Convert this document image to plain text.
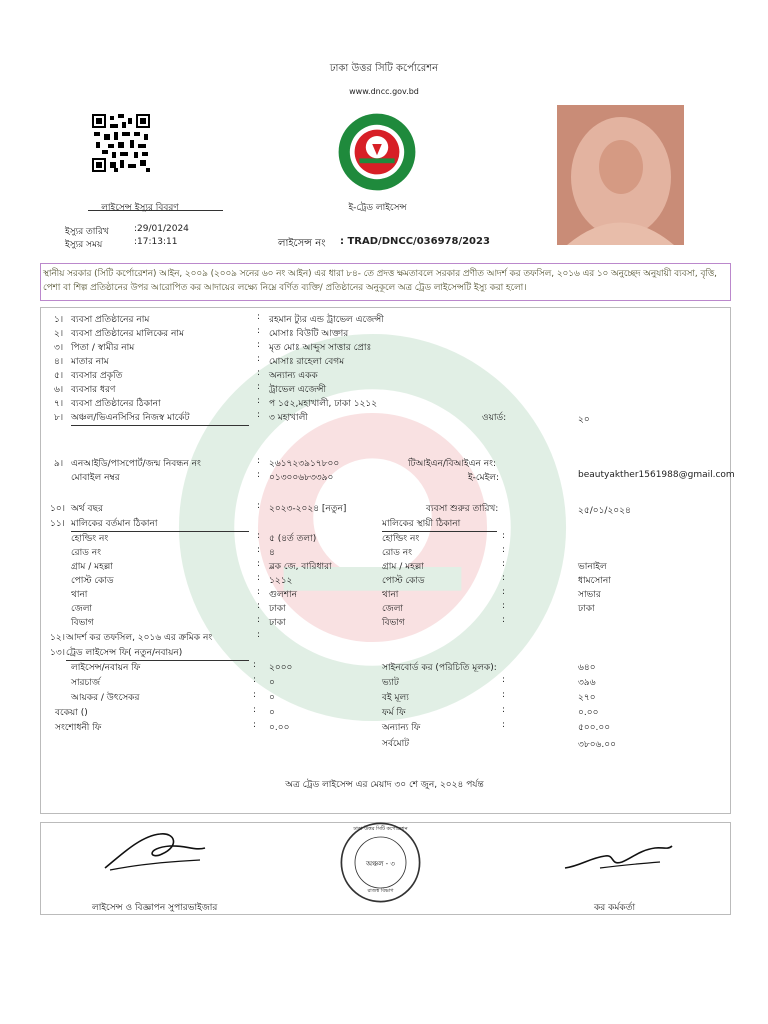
ঢাকা উত্তর সিটি কর্পোরেশন
www.dncc.gov.bd
লাইসেন্স ইস্যুর বিবরণ	ই-ট্রেড লাইসেন্স
ইস্যুর তারিখ	:29/01/2024
ইস্যুর সময়	:17:13:11	লাইসেন্স নং : TRAD/DNCC/036978/2023
স্থানীয় সরকার (সিটি কর্পোরেশন) আইন, ২০০৯ (২০০৯ সনের ৬০ নং আইন) এর ধারা ৮৪- তে প্রদত্ত ক্ষমতাবলে সরকার প্রণীত আদর্শ কর তফসিল, ২০১৬ এর ১০ অনুচ্ছেদ অনুযায়ী ব্যবসা, বৃত্তি, পেশা বা শিল্প প্রতিষ্ঠানের উপর আরোপিত কর আদায়ের লক্ষ্যে নিম্নে বর্ণিত ব্যক্তি/ প্রতিষ্ঠানের অনুকূলে অত্র ট্রেড লাইসেন্সটি ইস্যু করা হলো।
১। ব্যবসা প্রতিষ্ঠানের নাম	: রহমান ট্যুর এন্ড ট্রাভেল এজেন্সী
২। ব্যবসা প্রতিষ্ঠানের মালিকের নাম	: মোসাঃ বিউটি আক্তার
৩। পিতা / স্বামীর নাম	: মৃত মোঃ আব্দুস সাত্তার প্রোঃ
৪। মাতার নাম	: মোসাঃ রাহেলা বেগম
৫। ব্যবসার প্রকৃতি	: অন্যান্য একক
৬। ব্যবসার ধরণ	: ট্রাভেল এজেন্সী
৭। ব্যবসা প্রতিষ্ঠানের ঠিকানা	: প ১৫২,মহাখালী, ঢাকা ১২১২
৮। অঞ্চল/ভিএনসিসির নিজস্ব মার্কেট	: ৩ মহাখালী	ওয়ার্ড:	২০
৯। এনআইডি/পাসপোর্ট/জন্ম নিবন্ধন নং	: ২৬১৭২৩৯১৭৮০০	টিআইএন/বিআইএন নং:
মোবাইল নম্বর	: ০১৩০০৬৮৩৩৯০	ই-মেইল:	beautyakther1561988@gmail.com
১০। অর্থ বছর	: ২০২৩-২০২৪ [নতুন]	ব্যবসা শুরুর তারিখ:	২৫/০১/২০২৪
১১। মালিকের বর্তমান ঠিকানা	মালিকের স্থায়ী ঠিকানা
হোল্ডিং নং	: ৫ (৪র্ত তলা)	হোল্ডিং নং	:
রোড নং	: ৪	রোড নং	:
গ্রাম / মহল্লা	: ব্লক জে, বারিধারা	গ্রাম / মহল্লা	:	ভানাইল
পোস্ট কোড	: ১২১২	পোস্ট কোড	:	ধামসোনা
থানা	: গুলশান	থানা	:	সাভার
জেলা	: ঢাকা	জেলা	:	ঢাকা
বিভাগ	: ঢাকা	বিভাগ	:
১২। আদর্শ কর তফসিল, ২০১৬ এর ক্রমিক নং	:
১৩। ট্রেড লাইসেন্স ফি( নতুন/নবায়ন)
লাইসেন্স/নবায়ন ফি	: ২০০০	সাইনবোর্ড কর (পরিচিতি মূলক):	৬৪০
সারচার্জ	: ০	ভ্যাট	:	৩৯৬
আয়কর / উৎসেকর	: ০	বই মূল্য	:	২৭০
বকেয়া ()	: ০	ফর্ম ফি	:	০.০০
সংশোধনী ফি	: ০.০০	অন্যান্য ফি	:	৫০০.০০
সর্বমোট	৩৮০৬.০০
অত্র ট্রেড লাইসেন্স এর মেয়াদ ৩০ শে জুন, ২০২৪ পর্যন্ত
অঞ্চল - ৩
ঢাকা উত্তর সিটি কর্পোরেশন
রাজস্ব বিভাগ
লাইসেন্স ও বিজ্ঞাপন সুপারভাইজার	কর কর্মকর্তা
